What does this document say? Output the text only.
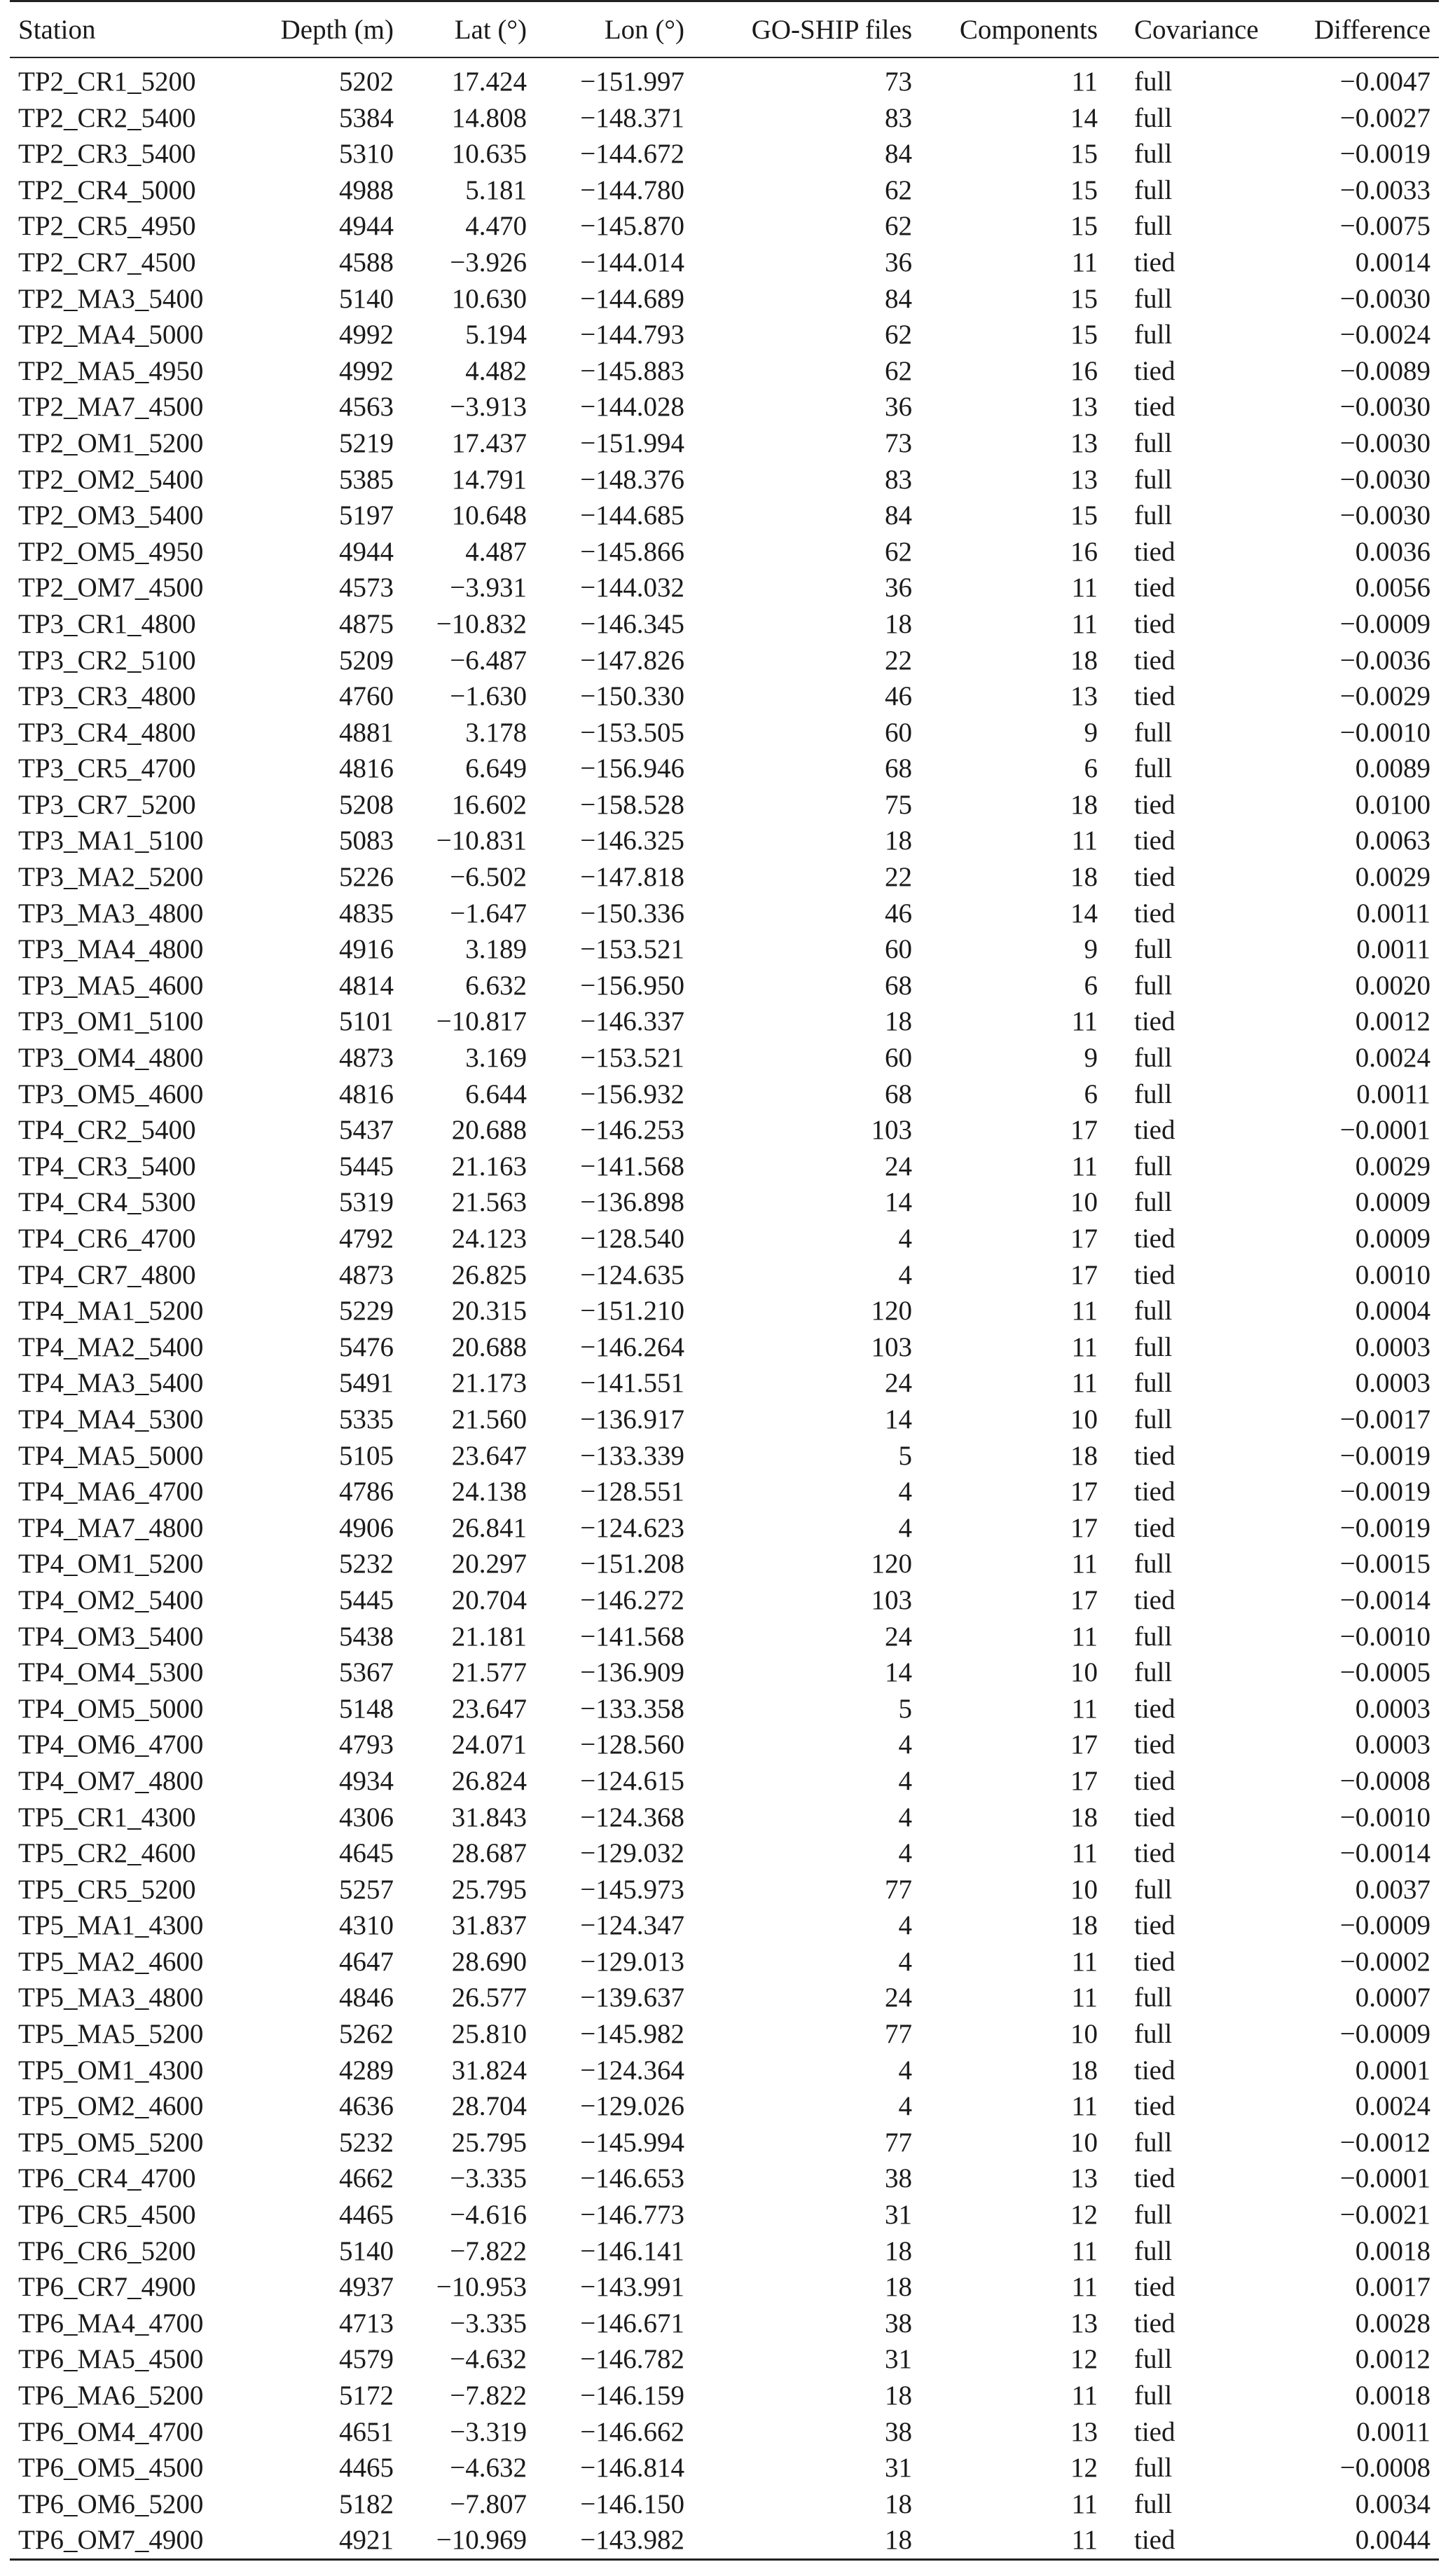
Station	Depth (m)	Lat (°)	Lon (°)	GO-SHIP files	Components	Covariance	Difference
TP2_CR1_5200	5202	17.424	−151.997	73	11	full	−0.0047
TP2_CR2_5400	5384	14.808	−148.371	83	14	full	−0.0027
TP2_CR3_5400	5310	10.635	−144.672	84	15	full	−0.0019
TP2_CR4_5000	4988	5.181	−144.780	62	15	full	−0.0033
TP2_CR5_4950	4944	4.470	−145.870	62	15	full	−0.0075
TP2_CR7_4500	4588	−3.926	−144.014	36	11	tied	0.0014
TP2_MA3_5400	5140	10.630	−144.689	84	15	full	−0.0030
TP2_MA4_5000	4992	5.194	−144.793	62	15	full	−0.0024
TP2_MA5_4950	4992	4.482	−145.883	62	16	tied	−0.0089
TP2_MA7_4500	4563	−3.913	−144.028	36	13	tied	−0.0030
TP2_OM1_5200	5219	17.437	−151.994	73	13	full	−0.0030
TP2_OM2_5400	5385	14.791	−148.376	83	13	full	−0.0030
TP2_OM3_5400	5197	10.648	−144.685	84	15	full	−0.0030
TP2_OM5_4950	4944	4.487	−145.866	62	16	tied	0.0036
TP2_OM7_4500	4573	−3.931	−144.032	36	11	tied	0.0056
TP3_CR1_4800	4875	−10.832	−146.345	18	11	tied	−0.0009
TP3_CR2_5100	5209	−6.487	−147.826	22	18	tied	−0.0036
TP3_CR3_4800	4760	−1.630	−150.330	46	13	tied	−0.0029
TP3_CR4_4800	4881	3.178	−153.505	60	9	full	−0.0010
TP3_CR5_4700	4816	6.649	−156.946	68	6	full	0.0089
TP3_CR7_5200	5208	16.602	−158.528	75	18	tied	0.0100
TP3_MA1_5100	5083	−10.831	−146.325	18	11	tied	0.0063
TP3_MA2_5200	5226	−6.502	−147.818	22	18	tied	0.0029
TP3_MA3_4800	4835	−1.647	−150.336	46	14	tied	0.0011
TP3_MA4_4800	4916	3.189	−153.521	60	9	full	0.0011
TP3_MA5_4600	4814	6.632	−156.950	68	6	full	0.0020
TP3_OM1_5100	5101	−10.817	−146.337	18	11	tied	0.0012
TP3_OM4_4800	4873	3.169	−153.521	60	9	full	0.0024
TP3_OM5_4600	4816	6.644	−156.932	68	6	full	0.0011
TP4_CR2_5400	5437	20.688	−146.253	103	17	tied	−0.0001
TP4_CR3_5400	5445	21.163	−141.568	24	11	full	0.0029
TP4_CR4_5300	5319	21.563	−136.898	14	10	full	0.0009
TP4_CR6_4700	4792	24.123	−128.540	4	17	tied	0.0009
TP4_CR7_4800	4873	26.825	−124.635	4	17	tied	0.0010
TP4_MA1_5200	5229	20.315	−151.210	120	11	full	0.0004
TP4_MA2_5400	5476	20.688	−146.264	103	11	full	0.0003
TP4_MA3_5400	5491	21.173	−141.551	24	11	full	0.0003
TP4_MA4_5300	5335	21.560	−136.917	14	10	full	−0.0017
TP4_MA5_5000	5105	23.647	−133.339	5	18	tied	−0.0019
TP4_MA6_4700	4786	24.138	−128.551	4	17	tied	−0.0019
TP4_MA7_4800	4906	26.841	−124.623	4	17	tied	−0.0019
TP4_OM1_5200	5232	20.297	−151.208	120	11	full	−0.0015
TP4_OM2_5400	5445	20.704	−146.272	103	17	tied	−0.0014
TP4_OM3_5400	5438	21.181	−141.568	24	11	full	−0.0010
TP4_OM4_5300	5367	21.577	−136.909	14	10	full	−0.0005
TP4_OM5_5000	5148	23.647	−133.358	5	11	tied	0.0003
TP4_OM6_4700	4793	24.071	−128.560	4	17	tied	0.0003
TP4_OM7_4800	4934	26.824	−124.615	4	17	tied	−0.0008
TP5_CR1_4300	4306	31.843	−124.368	4	18	tied	−0.0010
TP5_CR2_4600	4645	28.687	−129.032	4	11	tied	−0.0014
TP5_CR5_5200	5257	25.795	−145.973	77	10	full	0.0037
TP5_MA1_4300	4310	31.837	−124.347	4	18	tied	−0.0009
TP5_MA2_4600	4647	28.690	−129.013	4	11	tied	−0.0002
TP5_MA3_4800	4846	26.577	−139.637	24	11	full	0.0007
TP5_MA5_5200	5262	25.810	−145.982	77	10	full	−0.0009
TP5_OM1_4300	4289	31.824	−124.364	4	18	tied	0.0001
TP5_OM2_4600	4636	28.704	−129.026	4	11	tied	0.0024
TP5_OM5_5200	5232	25.795	−145.994	77	10	full	−0.0012
TP6_CR4_4700	4662	−3.335	−146.653	38	13	tied	−0.0001
TP6_CR5_4500	4465	−4.616	−146.773	31	12	full	−0.0021
TP6_CR6_5200	5140	−7.822	−146.141	18	11	full	0.0018
TP6_CR7_4900	4937	−10.953	−143.991	18	11	tied	0.0017
TP6_MA4_4700	4713	−3.335	−146.671	38	13	tied	0.0028
TP6_MA5_4500	4579	−4.632	−146.782	31	12	full	0.0012
TP6_MA6_5200	5172	−7.822	−146.159	18	11	full	0.0018
TP6_OM4_4700	4651	−3.319	−146.662	38	13	tied	0.0011
TP6_OM5_4500	4465	−4.632	−146.814	31	12	full	−0.0008
TP6_OM6_5200	5182	−7.807	−146.150	18	11	full	0.0034
TP6_OM7_4900	4921	−10.969	−143.982	18	11	tied	0.0044
